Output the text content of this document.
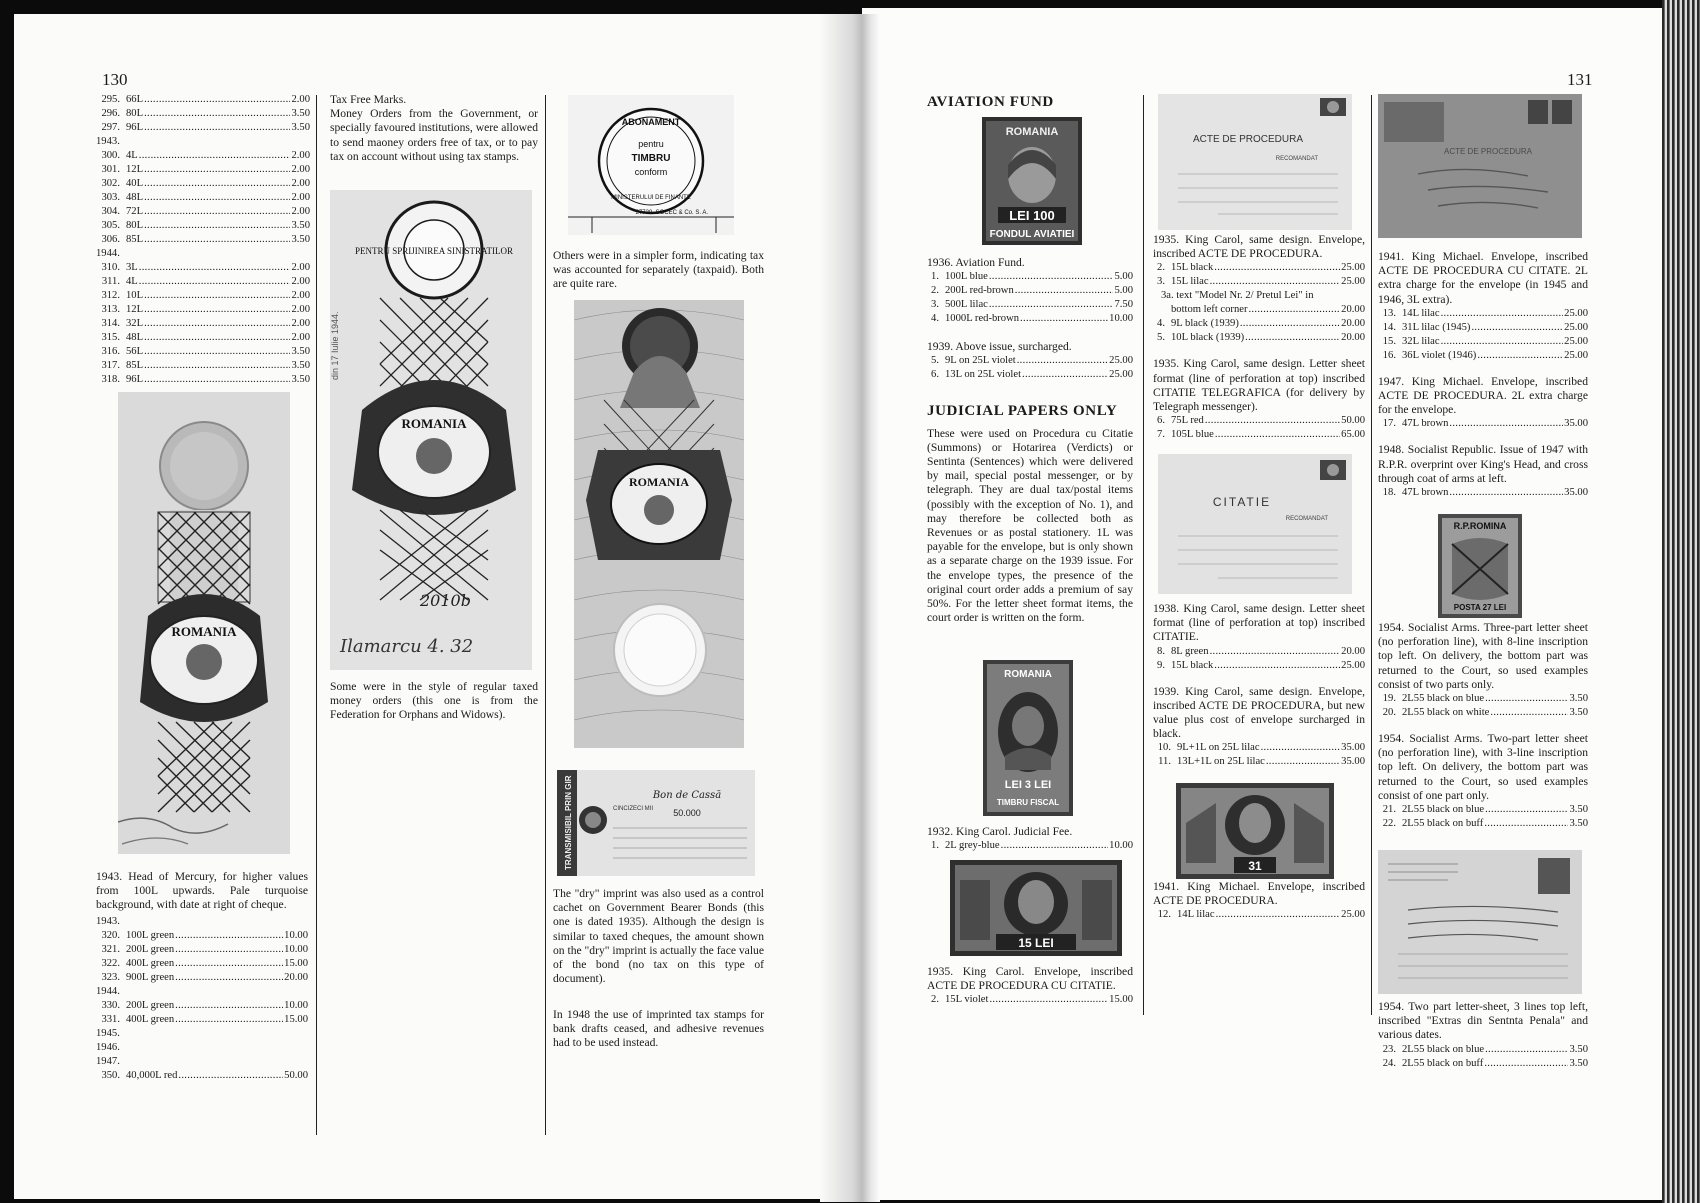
130
295. 66L .....	2.00
296. 80L .....	3.50
297. 96L .....	3.50
1943.
300. 4L .....	2.00
301. 12L .....	2.00
302. 40L .....	2.00
303. 48L .....	2.00
304. 72L .....	2.00
305. 80L .....	3.50
306. 85L .....	3.50
1944.
310. 3L .....	2.00
311. 4L .....	2.00
312. 10L .....	2.00
313. 12L .....	2.00
314. 32L .....	2.00
315. 48L .....	2.00
316. 56L .....	3.50
317. 85L .....	3.50
318. 96L .....	3.50
ROMANIA
1943. Head of Mercury, for higher values from 100L upwards. Pale turquoise background, with date at right of cheque.
1943.
320. 100L green .....	10.00
321. 200L green .....	10.00
322. 400L green .....	15.00
323. 900L green .....	20.00
1944.
330. 200L green .....	10.00
331. 400L green .....	15.00
1945.
1946.
1947.
350. 40,000L red .....	50.00
Tax Free Marks.
Money Orders from the Government, or specially favoured institutions, were allowed to send maoney orders free of tax, or to pay tax on account without using tax stamps.
PENTRU SPRIJINIREA SINISTRATILOR
ROMANIA
din 17 Iulie 1944.
2010b
Ilamarcu 4. 32
Some were in the style of regular taxed money orders (this one is from the Federation for Orphans and Widows).
ABONAMENT
pentru
TIMBRU
conform
MINISTERULUI DE FINANTE
27739. SOCEC & Co. S. A.
Others were in a simpler form, indicating tax was accounted for separately (taxpaid). Both are quite rare.
ROMANIA
TRANSMISIBIL PRIN GIR	Bon de Cassă
50.000
CINCIZECI MII
The "dry" imprint was also used as a control cachet on Government Bearer Bonds (this one is dated 1935). Although the design is similar to taxed cheques, the amount shown on the "dry" imprint is actually the face value of the bond (no tax on this type of document).
In 1948 the use of imprinted tax stamps for bank drafts ceased, and adhesive revenues had to be used instead.
131
AVIATION FUND
ROMANIA
LEI 100
FONDUL AVIATIEI
1936. Aviation Fund.
1. 100L blue .....	5.00
2. 200L red-brown .....	5.00
3. 500L lilac .....	7.50
4. 1000L red-brown .....	10.00
1939. Above issue, surcharged.
5. 9L on 25L violet .....	25.00
6. 13L on 25L violet .....	25.00
JUDICIAL PAPERS ONLY
These were used on Procedura cu Citatie (Summons) or Hotarirea (Verdicts) or Sentinta (Sentences) which were delivered by mail, special postal messenger, or by telegraph. They are dual tax/postal items (possibly with the exception of No. 1), and may therefore be collected both as Revenues or as postal stationery. 1L was payable for the envelope, but is only shown as a separate charge on the 1939 issue. For the envelope types, the presence of the original court order adds a premium of say 50%. For the letter sheet format items, the court order is written on the form.
ROMANIA
LEI 3 LEI
TIMBRU FISCAL
1932. King Carol. Judicial Fee.
1. 2L grey-blue .....	10.00
15 LEI
1935. King Carol. Envelope, inscribed ACTE DE PROCEDURA CU CITATIE.
2. 15L violet .....	15.00
ACTE DE PROCEDURA
RECOMANDAT
1935. King Carol, same design. Envelope, inscribed ACTE DE PROCEDURA.
2. 15L black .....	25.00
3. 15L lilac .....	25.00
3a. text "Model Nr. 2/ Pretul Lei" in
bottom left corner .....	20.00
4. 9L black (1939) .....	20.00
5. 10L black (1939) .....	20.00
1935. King Carol, same design. Letter sheet format (line of perforation at top) inscribed CITATIE TELEGRAFICA (for delivery by Telegraph messenger).
6. 75L red .....	50.00
7. 105L blue .....	65.00
CITATIE
RECOMANDAT
1938. King Carol, same design. Letter sheet format (line of perforation at top) inscribed CITATIE.
8. 8L green .....	20.00
9. 15L black .....	25.00
1939. King Carol, same design. Envelope, inscribed ACTE DE PROCEDURA, but new value plus cost of envelope surcharged in black.
10. 9L+1L on 25L lilac .....	35.00
11. 13L+1L on 25L lilac .....	35.00
31
1941. King Michael. Envelope, inscribed ACTE DE PROCEDURA.
12. 14L lilac .....	25.00
ACTE DE PROCEDURA
1941. King Michael. Envelope, inscribed ACTE DE PROCEDURA CU CITATE. 2L extra charge for the envelope (in 1945 and 1946, 3L extra).
13. 14L lilac .....	25.00
14. 31L lilac (1945) .....	25.00
15. 32L lilac .....	25.00
16. 36L violet (1946) .....	25.00
1947. King Michael. Envelope, inscribed ACTE DE PROCEDURA. 2L extra charge for the envelope.
17. 47L brown .....	35.00
1948. Socialist Republic. Issue of 1947 with R.P.R. overprint over King's Head, and cross through coat of arms at left.
18. 47L brown .....	35.00
R.P.ROMINA
POSTA 27 LEI
1954. Socialist Arms. Three-part letter sheet (no perforation line), with 8-line inscription top left. On delivery, the bottom part was returned to the Court, so used examples consist of two parts only.
19. 2L55 black on blue .....	3.50
20. 2L55 black on white .....	3.50
1954. Socialist Arms. Two-part letter sheet (no perforation line), with 3-line inscription top left. On delivery, the bottom part was returned to the Court, so used examples consist of one part only.
21. 2L55 black on blue .....	3.50
22. 2L55 black on buff .....	3.50
1954. Two part letter-sheet, 3 lines top left, inscribed "Extras din Sentnta Penala" and various dates.
23. 2L55 black on blue .....	3.50
24. 2L55 black on buff .....	3.50
